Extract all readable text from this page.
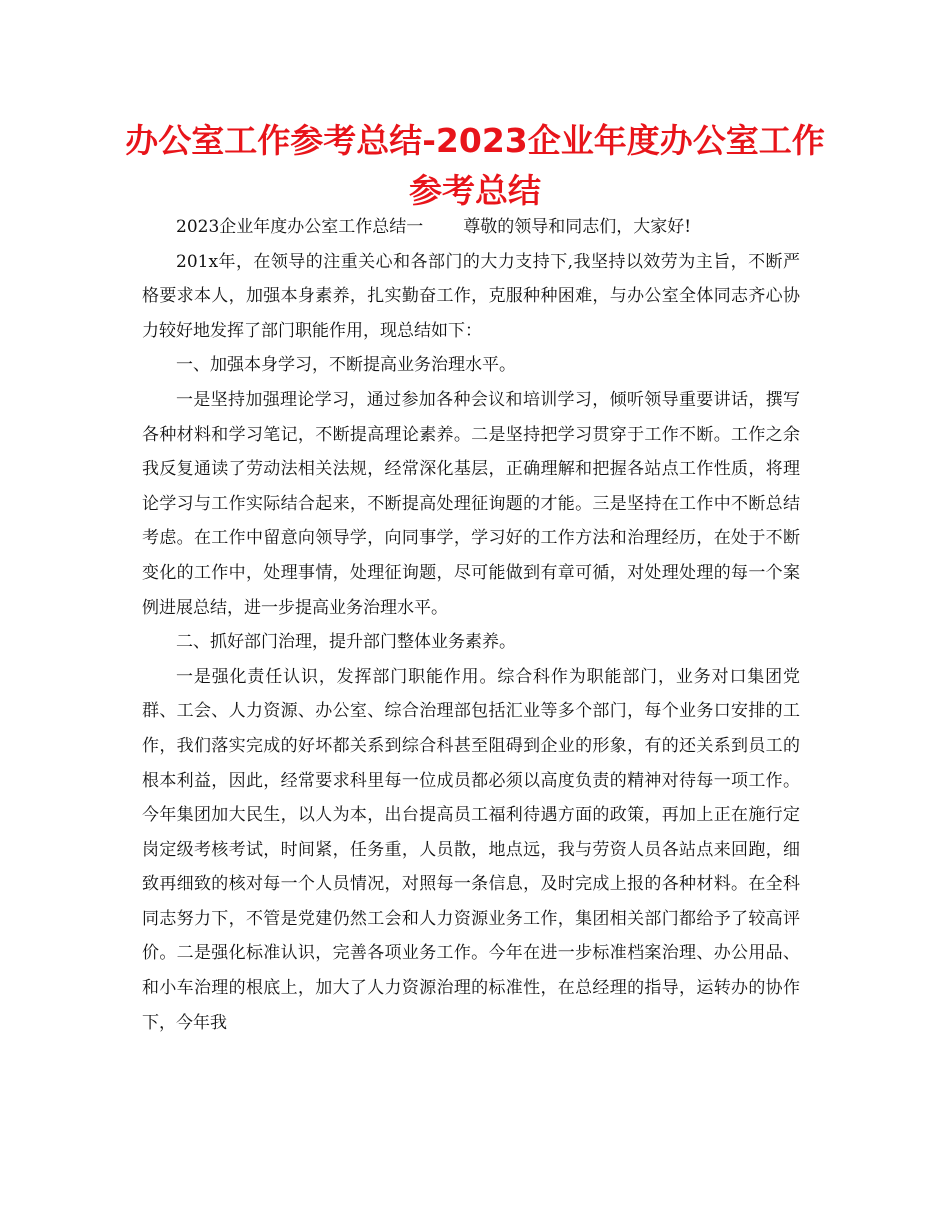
办公室工作参考总结-2023企业年度办公室工作参考总结

2023企业年度办公室工作总结一 尊敬的领导和同志们，大家好!

201x年，在领导的注重关心和各部门的大力支持下,我坚持以效劳为主旨，不断严格要求本人，加强本身素养，扎实勤奋工作，克服种种困难，与办公室全体同志齐心协力较好地发挥了部门职能作用，现总结如下：

一、加强本身学习，不断提高业务治理水平。

一是坚持加强理论学习，通过参加各种会议和培训学习，倾听领导重要讲话，撰写各种材料和学习笔记，不断提高理论素养。二是坚持把学习贯穿于工作不断。工作之余我反复通读了劳动法相关法规，经常深化基层，正确理解和把握各站点工作性质，将理论学习与工作实际结合起来，不断提高处理征询题的才能。三是坚持在工作中不断总结考虑。在工作中留意向领导学，向同事学，学习好的工作方法和治理经历，在处于不断变化的工作中，处理事情，处理征询题，尽可能做到有章可循，对处理处理的每一个案例进展总结，进一步提高业务治理水平。

二、抓好部门治理，提升部门整体业务素养。

一是强化责任认识，发挥部门职能作用。综合科作为职能部门，业务对口集团党群、工会、人力资源、办公室、综合治理部包括汇业等多个部门，每个业务口安排的工作，我们落实完成的好坏都关系到综合科甚至阻碍到企业的形象，有的还关系到员工的根本利益，因此，经常要求科里每一位成员都必须以高度负责的精神对待每一项工作。今年集团加大民生，以人为本，出台提高员工福利待遇方面的政策，再加上正在施行定岗定级考核考试，时间紧，任务重，人员散，地点远，我与劳资人员各站点来回跑，细致再细致的核对每一个人员情况，对照每一条信息，及时完成上报的各种材料。在全科同志努力下，不管是党建仍然工会和人力资源业务工作，集团相关部门都给予了较高评价。二是强化标准认识，完善各项业务工作。今年在进一步标准档案治理、办公用品、和小车治理的根底上，加大了人力资源治理的标准性，在总经理的指导，运转办的协作下，今年我
